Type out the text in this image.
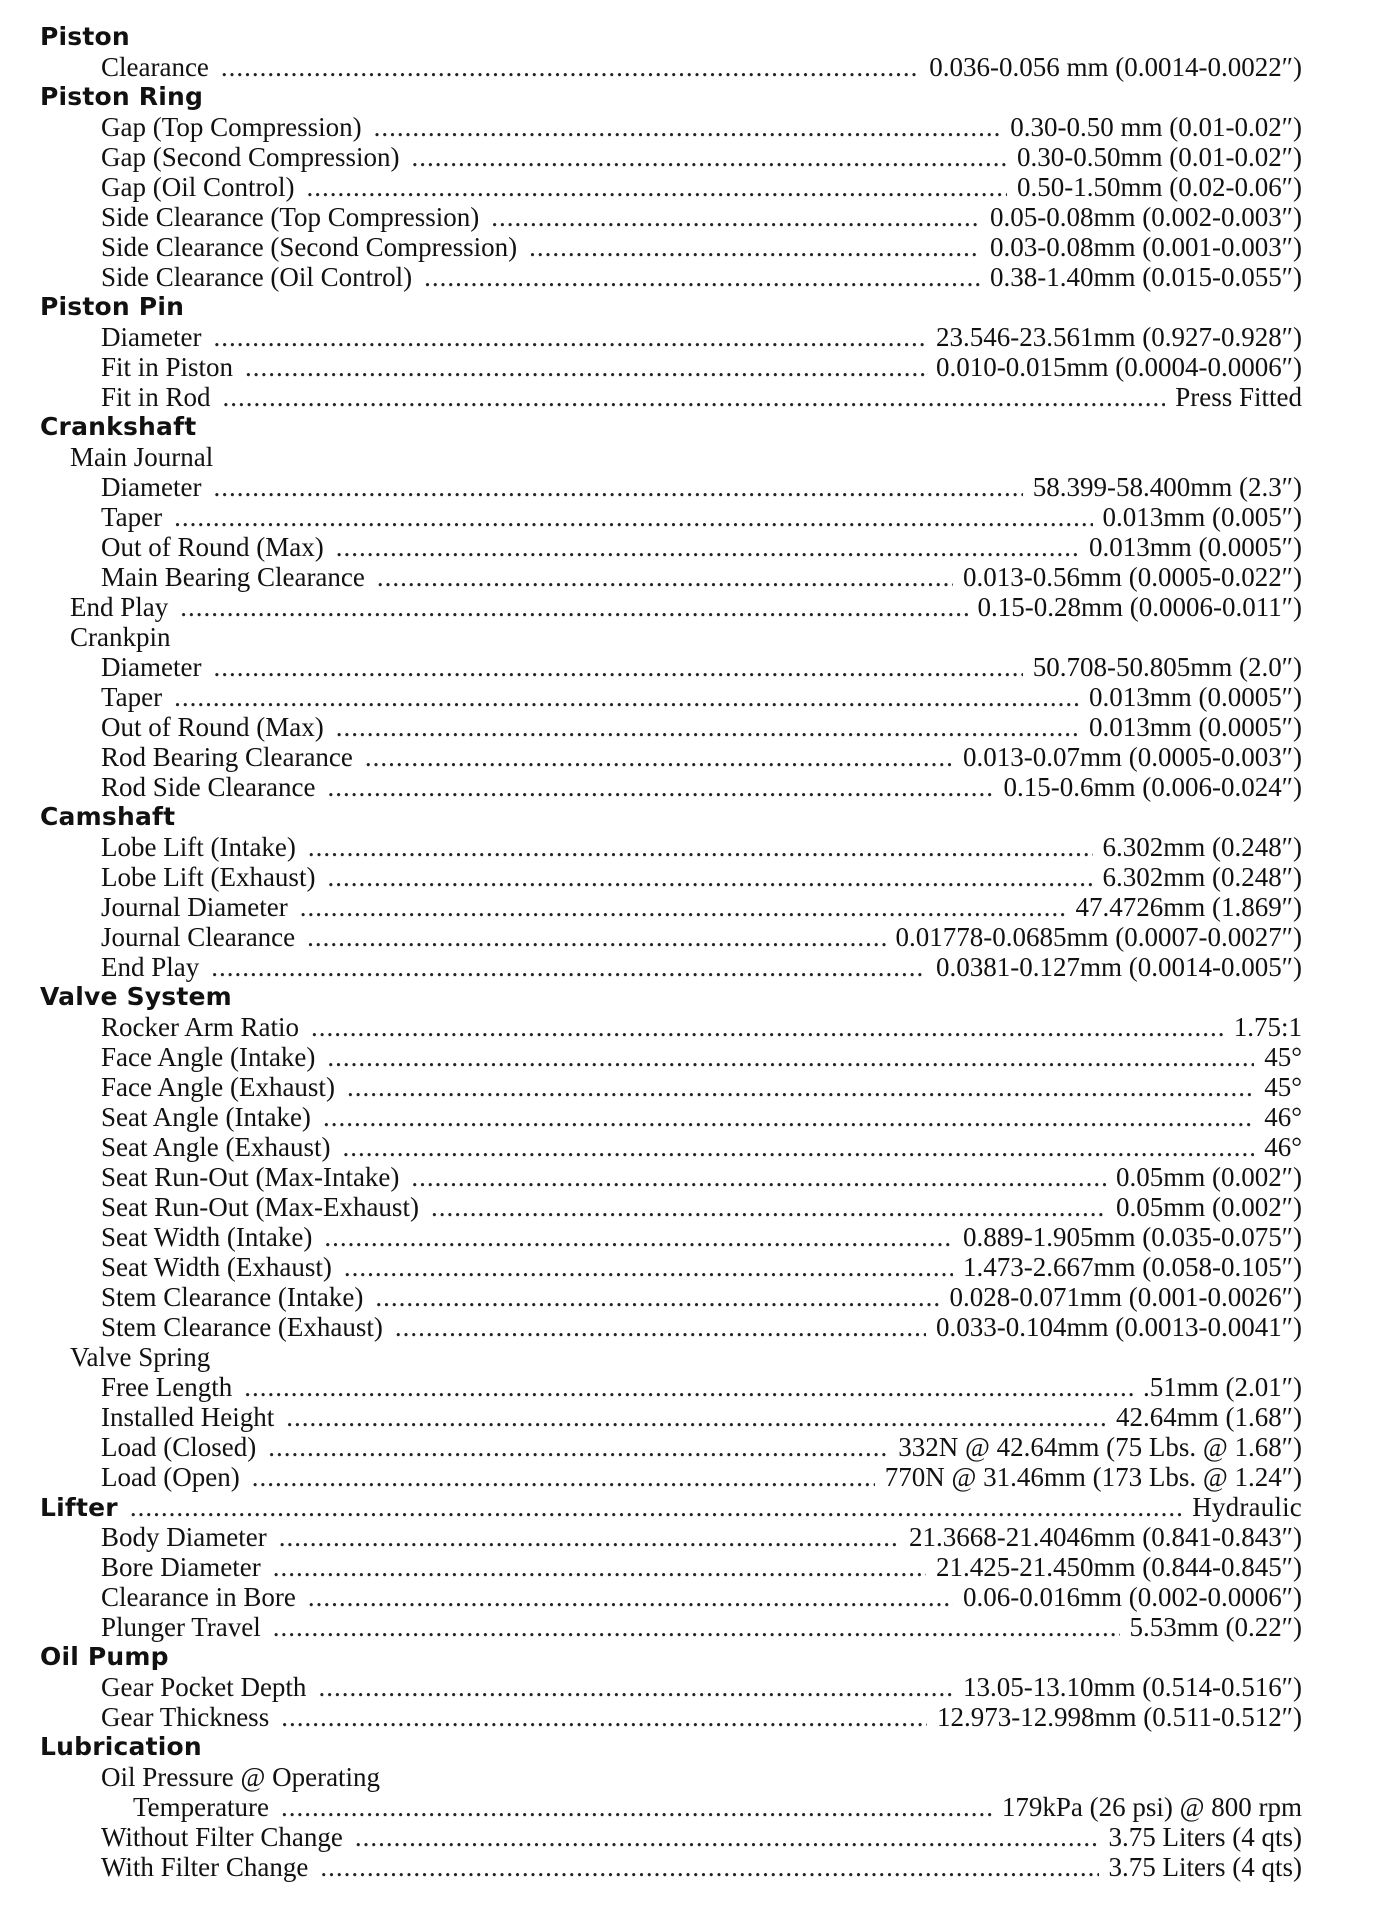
Piston
Clearance .....	0.036-0.056 mm (0.0014-0.0022″)
Piston Ring
Gap (Top Compression) .....	0.30-0.50 mm (0.01-0.02″)
Gap (Second Compression) .....	0.30-0.50mm (0.01-0.02″)
Gap (Oil Control) .....	0.50-1.50mm (0.02-0.06″)
Side Clearance (Top Compression) .....	0.05-0.08mm (0.002-0.003″)
Side Clearance (Second Compression) .....	0.03-0.08mm (0.001-0.003″)
Side Clearance (Oil Control) .....	0.38-1.40mm (0.015-0.055″)
Piston Pin
Diameter .....	23.546-23.561mm (0.927-0.928″)
Fit in Piston .....	0.010-0.015mm (0.0004-0.0006″)
Fit in Rod .....	Press Fitted
Crankshaft
Main Journal
Diameter .....	58.399-58.400mm (2.3″)
Taper .....	0.013mm (0.005″)
Out of Round (Max) .....	0.013mm (0.0005″)
Main Bearing Clearance .....	0.013-0.56mm (0.0005-0.022″)
End Play .....	0.15-0.28mm (0.0006-0.011″)
Crankpin
Diameter .....	50.708-50.805mm (2.0″)
Taper .....	0.013mm (0.0005″)
Out of Round (Max) .....	0.013mm (0.0005″)
Rod Bearing Clearance .....	0.013-0.07mm (0.0005-0.003″)
Rod Side Clearance .....	0.15-0.6mm (0.006-0.024″)
Camshaft
Lobe Lift (Intake) .....	6.302mm (0.248″)
Lobe Lift (Exhaust) .....	6.302mm (0.248″)
Journal Diameter .....	47.4726mm (1.869″)
Journal Clearance .....	0.01778-0.0685mm (0.0007-0.0027″)
End Play .....	0.0381-0.127mm (0.0014-0.005″)
Valve System
Rocker Arm Ratio .....	1.75:1
Face Angle (Intake) .....	45°
Face Angle (Exhaust) .....	45°
Seat Angle (Intake) .....	46°
Seat Angle (Exhaust) .....	46°
Seat Run-Out (Max-Intake) .....	0.05mm (0.002″)
Seat Run-Out (Max-Exhaust) .....	0.05mm (0.002″)
Seat Width (Intake) .....	0.889-1.905mm (0.035-0.075″)
Seat Width (Exhaust) .....	1.473-2.667mm (0.058-0.105″)
Stem Clearance (Intake) .....	0.028-0.071mm (0.001-0.0026″)
Stem Clearance (Exhaust) .....	0.033-0.104mm (0.0013-0.0041″)
Valve Spring
Free Length .....	.51mm (2.01″)
Installed Height .....	42.64mm (1.68″)
Load (Closed) .....	332N @ 42.64mm (75 Lbs. @ 1.68″)
Load (Open) .....	770N @ 31.46mm (173 Lbs. @ 1.24″)
Lifter .....	Hydraulic
Body Diameter .....	21.3668-21.4046mm (0.841-0.843″)
Bore Diameter .....	21.425-21.450mm (0.844-0.845″)
Clearance in Bore .....	0.06-0.016mm (0.002-0.0006″)
Plunger Travel .....	5.53mm (0.22″)
Oil Pump
Gear Pocket Depth .....	13.05-13.10mm (0.514-0.516″)
Gear Thickness .....	12.973-12.998mm (0.511-0.512″)
Lubrication
Oil Pressure @ Operating
Temperature .....	179kPa (26 psi) @ 800 rpm
Without Filter Change .....	3.75 Liters (4 qts)
With Filter Change .....	3.75 Liters (4 qts)
